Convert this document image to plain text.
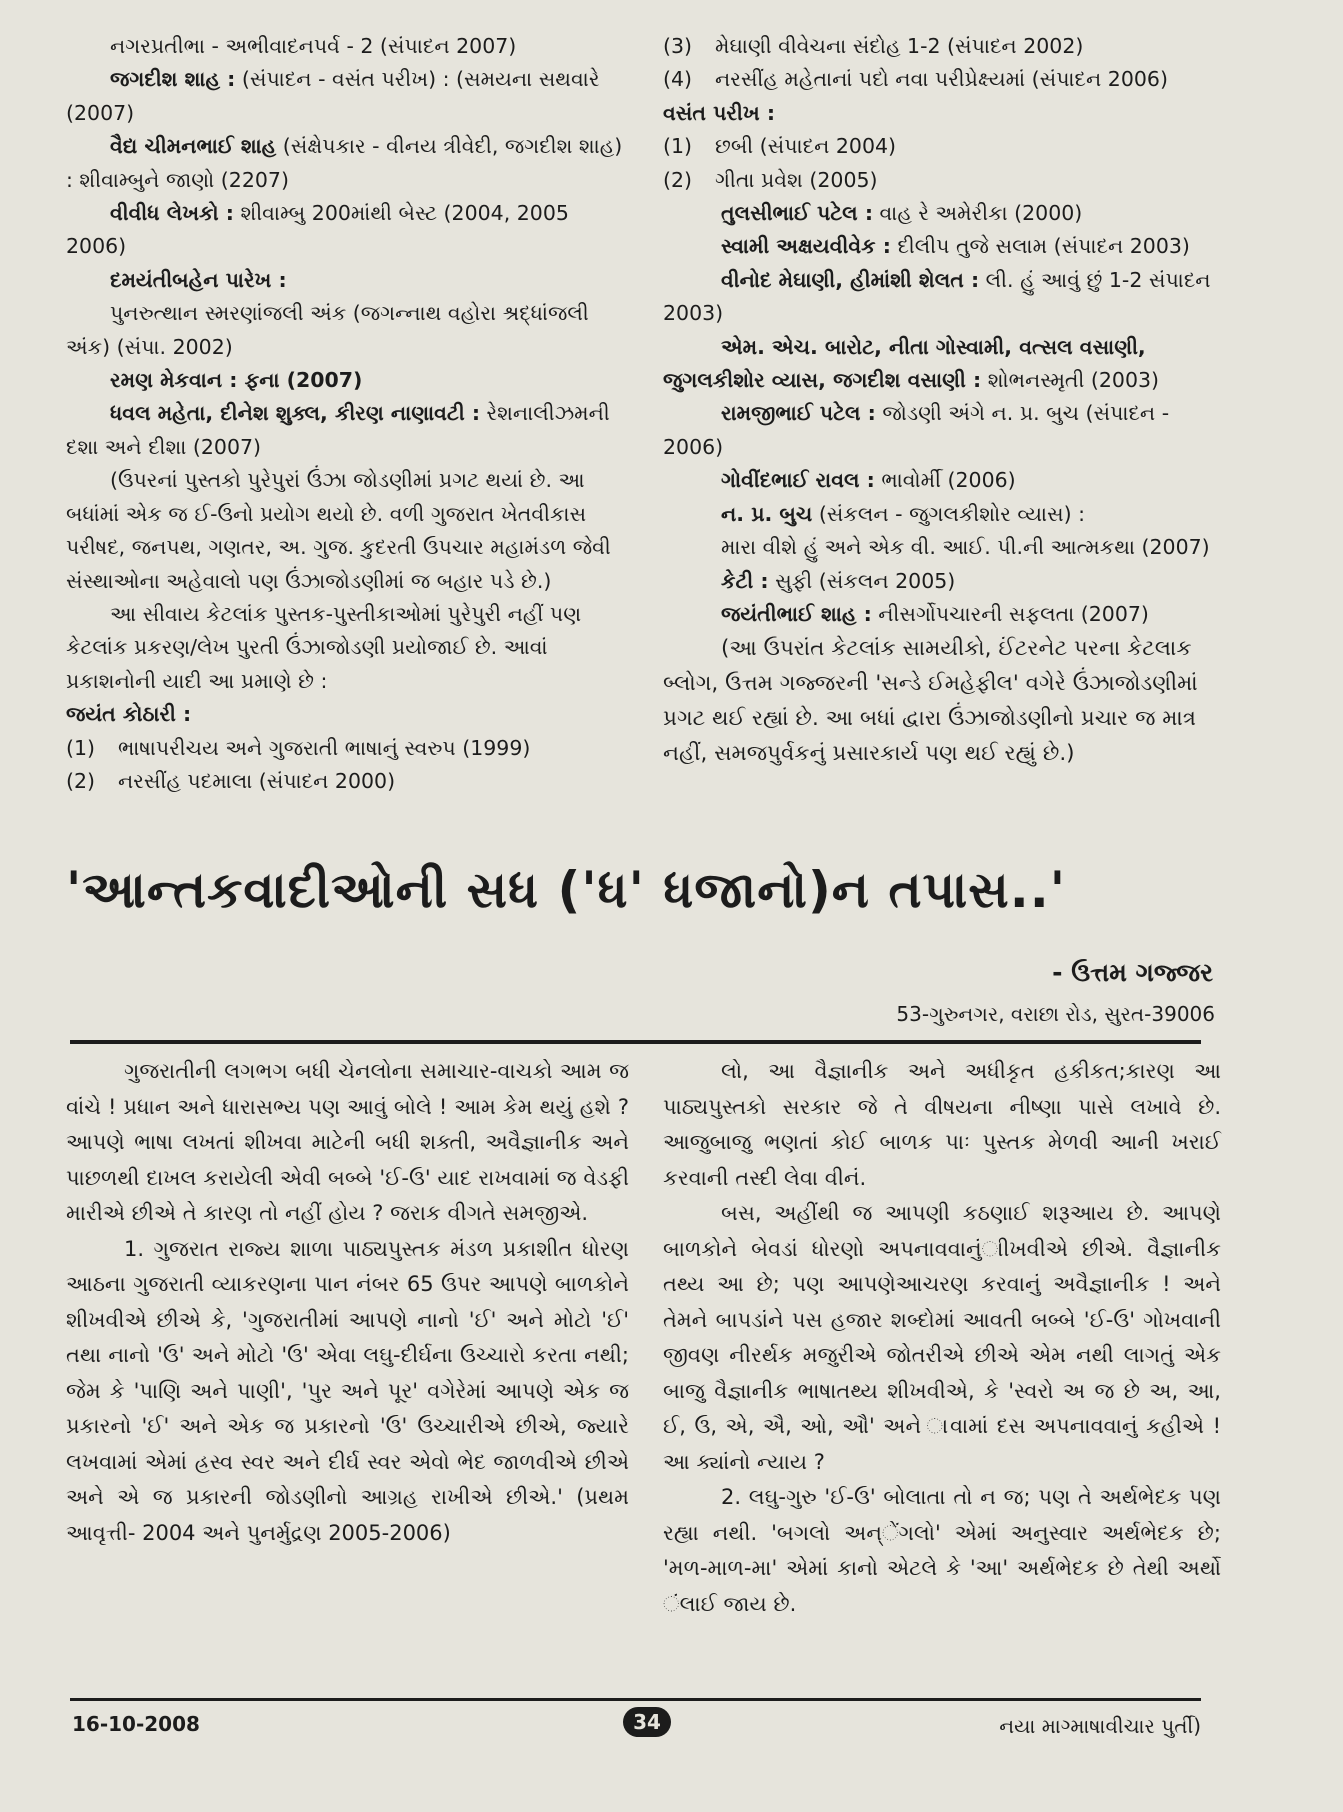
નગરપ્રતીભા - અભીવાદનપર્વ - 2 (સંપાદન 2007)

જગદીશ શાહ : (સંપાદન - વસંત પરીખ) : (સમયના સથવારે (2007)

વૈદ્ય ચીમનભાઈ શાહ (સંક્ષેપકાર - વીનય ત્રીવેદી, જગદીશ શાહ) : શીવામ્બુને જાણો (2207)

વીવીધ લેખકો : શીવામ્બુ 200માંથી બેસ્ટ (2004, 2005 2006)

દમયંતીબહેન પારેખ :

પુનરુત્થાન સ્મરણાંજલી અંક (જગન્નાથ વહોરા શ્રદ્ધાંજલી અંક) (સંપા. 2002)

રમણ મેકવાન : ફના (2007)

ધવલ મહેતા, દીનેશ શુક્લ, કીરણ નાણાવટી : રેશનાલીઝમની દશા અને દીશા (2007)

(ઉપરનાં પુસ્તકો પુરેપુરાં ઉંઝા જોડણીમાં પ્રગટ થયાં છે. આ બધાંમાં એક જ ઈ-ઉનો પ્રયોગ થયો છે. વળી ગુજરાત ખેતવીકાસ પરીષદ, જનપથ, ગણતર, અ. ગુજ. કુદરતી ઉપચાર મહામંડળ જેવી સંસ્થાઓના અહેવાલો પણ ઉંઝાજોડણીમાં જ બહાર પડે છે.)

આ સીવાય કેટલાંક પુસ્તક-પુસ્તીકાઓમાં પુરેપુરી નહીં પણ કેટલાંક પ્રકરણ/લેખ પુરતી ઉંઝાજોડણી પ્રયોજાઈ છે. આવાં પ્રકાશનોની યાદી આ પ્રમાણે છે :

જયંત કોઠારી :

(1)	ભાષાપરીચય અને ગુજરાતી ભાષાનું સ્વરુપ (1999)

(2)	નરસીંહ પદમાલા (સંપાદન 2000)

(3)	મેઘાણી વીવેચના સંદોહ 1-2 (સંપાદન 2002)

(4)	નરસીંહ મહેતાનાં પદો નવા પરીપ્રેક્ષ્યમાં (સંપાદન 2006)

વસંત પરીખ :

(1)	છબી (સંપાદન 2004)

(2)	ગીતા પ્રવેશ (2005)

તુલસીભાઈ પટેલ : વાહ રે અમેરીકા (2000)

સ્વામી અક્ષયવીવેક : દીલીપ તુજે સલામ (સંપાદન 2003)

વીનોદ મેઘાણી, હીમાંશી શેલત : લી. હું આવું છું 1-2 સંપાદન 2003)

એમ. એચ. બારોટ, નીતા ગોસ્વામી, વત્સલ વસાણી, જુગલકીશોર વ્યાસ, જગદીશ વસાણી : શોભનસ્મૃતી (2003)

રામજીભાઈ પટેલ : જોડણી અંગે ન. પ્ર. બુચ (સંપાદન - 2006)

ગોવીંદભાઈ રાવલ : ભાવોર્મી (2006)

ન. પ્ર. બુચ (સંકલન - જુગલકીશોર વ્યાસ) :

મારા વીશે હું અને એક વી. આઈ. પી.ની આત્મકથા (2007)

કેટી : સુફી (સંકલન 2005)

જયંતીભાઈ શાહ : નીસર્ગોપચારની સફલતા (2007)

(આ ઉપરાંત કેટલાંક સામયીકો, ઈંટરનેટ પરના કેટલાક બ્લોગ, ઉત્તમ ગજ્જરની 'સન્ડે ઈમહેફીલ' વગેરે ઉંઝાજોડણીમાં પ્રગટ થઈ રહ્યાં છે. આ બધાં દ્વારા ઉંઝાજોડણીનો પ્રચાર જ માત્ર નહીં, સમજપુર્વકનું પ્રસારકાર્ય પણ થઈ રહ્યું છે.)

'આન્તકવાદીઓની સધ ('ધ' ધજાનો)ન તપાસ..'
- ઉત્તમ ગજ્જર
53-ગુરુનગર, વરાછા રોડ, સુરત-39006

ગુજરાતીની લગભગ બધી ચેનલોના સમાચાર-વાચકો આમ જ વાંચે ! પ્રધાન અને ધારાસભ્ય પણ આવું બોલે ! આમ કેમ થયું હશે ? આપણે ભાષા લખતાં શીખવા માટેની બધી શક્તી, અવૈજ્ઞાનીક અને પાછળથી દાખલ કરાયેલી એવી બબ્બે 'ઈ-ઉ' યાદ રાખવામાં જ વેડફી મારીએ છીએ તે કારણ તો નહીં હોય ? જરાક વીગતે સમજીએ.

1. ગુજરાત રાજ્ય શાળા પાઠ્યપુસ્તક મંડળ પ્રકાશીત ધોરણ આઠના ગુજરાતી વ્યાકરણના પાન નંબર 65 ઉપર આપણે બાળકોને શીખવીએ છીએ કે, 'ગુજરાતીમાં આપણે નાનો 'ઈ' અને મોટો 'ઈ' તથા નાનો 'ઉ' અને મોટો 'ઉ' એવા લઘુ-દીર્ઘના ઉચ્ચારો કરતા નથી; જેમ કે 'પાણિ અને પાણી', 'પુર અને પૂર' વગેરેમાં આપણે એક જ પ્રકારનો 'ઈ' અને એક જ પ્રકારનો 'ઉ' ઉચ્ચારીએ છીએ, જ્યારે લખવામાં એમાં હ્રસ્વ સ્વર અને દીર્ઘ સ્વર એવો ભેદ જાળવીએ છીએ અને એ જ પ્રકારની જોડણીનો આગ્રહ રાખીએ છીએ.' (પ્રથમ આવૃત્તી- 2004 અને પુનર્મુદ્રણ 2005-2006)

લો, આ વૈજ્ઞાનીક અને અધીકૃત હકીકત;કારણ આ પાઠ્યપુસ્તકો સરકાર જે તે વીષયના નીષ્ણા પાસે લખાવે છે. આજુબાજુ ભણતાં કોઈ બાળક પાઃ પુસ્તક મેળવી આની ખરાઈ કરવાની તસ્દી લેવા વીનં.

બસ, અહીંથી જ આપણી કઠણાઈ શરૂઆય છે. આપણે બાળકોને બેવડાં ધોરણો અપનાવવાનુંાીખવીએ છીએ. વૈજ્ઞાનીક તથ્ય આ છે; પણ આપણેઆચરણ કરવાનું અવૈજ્ઞાનીક ! અને તેમને બાપડાંને પસ હજાર શબ્દોમાં આવતી બબ્બે 'ઈ-ઉ' ગોખવાની જીવણ નીરર્થક મજુરીએ જોતરીએ છીએ એમ નથી લાગતું એક બાજુ વૈજ્ઞાનીક ભાષાતથ્ય શીખવીએ, કે 'સ્વરો અ જ છે અ, આ, ઈ, ઉ, એ, ઐ, ઓ, ઔ' અને ાવામાં દસ અપનાવવાનું કહીએ ! આ ક્યાંનો ન્યાય ?

2. લઘુ-ગુરુ 'ઈ-ઉ' બોલાતા તો ન જ; પણ તે અર્થભેદક પણ રહ્યા નથી. 'બગલો અન્ેંગલો' એમાં અનુસ્વાર અર્થભેદક છે; 'મળ-માળ-મા' એમાં કાનો એટલે કે 'આ' અર્થભેદક છે તેથી અર્થો ંલાઈ જાય છે.

16-10-2008	34	નયા માગ્માષાવીચાર પુર્તી)
